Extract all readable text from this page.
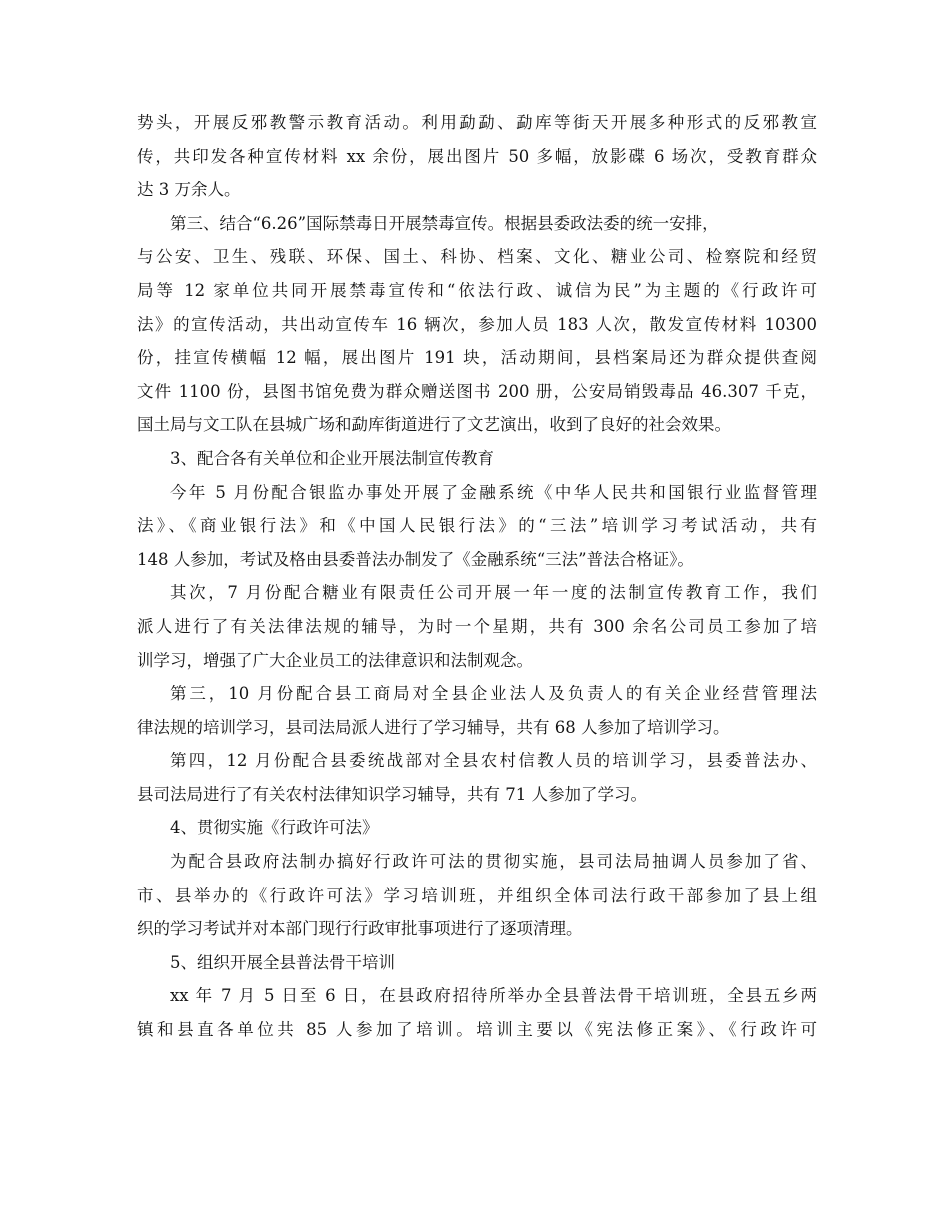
势头，开展反邪教警示教育活动。利用勐勐、勐库等街天开展多种形式的反邪教宣
传，共印发各种宣传材料 xx 余份，展出图片 50 多幅，放影碟 6 场次，受教育群众
达 3 万余人。
第三、结合“6.26”国际禁毒日开展禁毒宣传。根据县委政法委的统一安排，
与公安、卫生、残联、环保、国土、科协、档案、文化、糖业公司、检察院和经贸
局等 12 家单位共同开展禁毒宣传和“依法行政、诚信为民”为主题的《行政许可
法》的宣传活动，共出动宣传车 16 辆次，参加人员 183 人次，散发宣传材料 10300
份，挂宣传横幅 12 幅，展出图片 191 块，活动期间，县档案局还为群众提供查阅
文件 1100 份，县图书馆免费为群众赠送图书 200 册，公安局销毁毒品 46.307 千克，
国土局与文工队在县城广场和勐库街道进行了文艺演出，收到了良好的社会效果。
3、配合各有关单位和企业开展法制宣传教育
今年 5 月份配合银监办事处开展了金融系统《中华人民共和国银行业监督管理
法》、《商业银行法》和《中国人民银行法》的“三法”培训学习考试活动，共有
148 人参加，考试及格由县委普法办制发了《金融系统“三法”普法合格证》。
其次，7 月份配合糖业有限责任公司开展一年一度的法制宣传教育工作，我们
派人进行了有关法律法规的辅导，为时一个星期，共有 300 余名公司员工参加了培
训学习，增强了广大企业员工的法律意识和法制观念。
第三，10 月份配合县工商局对全县企业法人及负责人的有关企业经营管理法
律法规的培训学习，县司法局派人进行了学习辅导，共有 68 人参加了培训学习。
第四，12 月份配合县委统战部对全县农村信教人员的培训学习，县委普法办、
县司法局进行了有关农村法律知识学习辅导，共有 71 人参加了学习。
4、贯彻实施《行政许可法》
为配合县政府法制办搞好行政许可法的贯彻实施，县司法局抽调人员参加了省、
市、县举办的《行政许可法》学习培训班，并组织全体司法行政干部参加了县上组
织的学习考试并对本部门现行行政审批事项进行了逐项清理。
5、组织开展全县普法骨干培训
xx 年 7 月 5 日至 6 日，在县政府招待所举办全县普法骨干培训班，全县五乡两
镇和县直各单位共 85 人参加了培训。培训主要以《宪法修正案》、《行政许可
